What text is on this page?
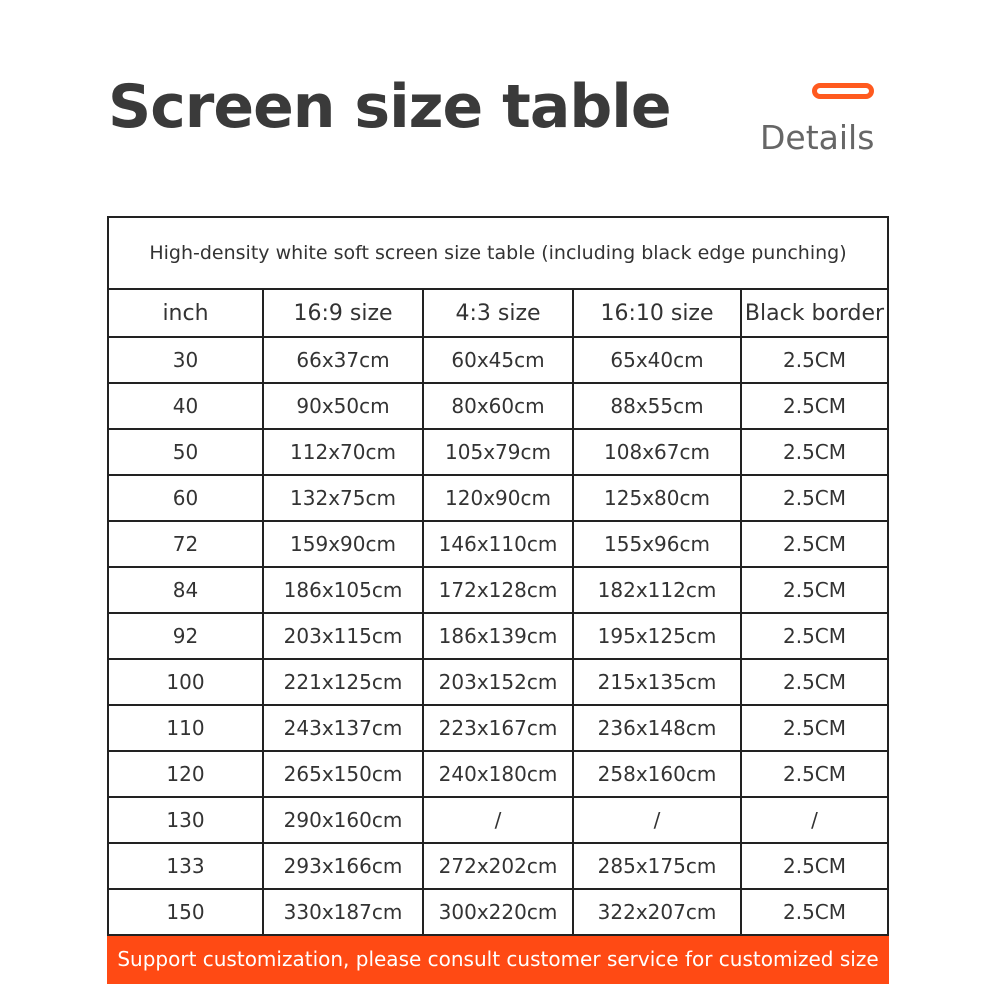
Screen size table	Details
High-density white soft screen size table (including black edge punching)				
inch	16:9 size	4:3 size	16:10 size	Black border
30	66x37cm	60x45cm	65x40cm	2.5CM
40	90x50cm	80x60cm	88x55cm	2.5CM
50	112x70cm	105x79cm	108x67cm	2.5CM
60	132x75cm	120x90cm	125x80cm	2.5CM
72	159x90cm	146x110cm	155x96cm	2.5CM
84	186x105cm	172x128cm	182x112cm	2.5CM
92	203x115cm	186x139cm	195x125cm	2.5CM
100	221x125cm	203x152cm	215x135cm	2.5CM
110	243x137cm	223x167cm	236x148cm	2.5CM
120	265x150cm	240x180cm	258x160cm	2.5CM
130	290x160cm	/	/	/
133	293x166cm	272x202cm	285x175cm	2.5CM
150	330x187cm	300x220cm	322x207cm	2.5CM
Support customization, please consult customer service for customized size				
